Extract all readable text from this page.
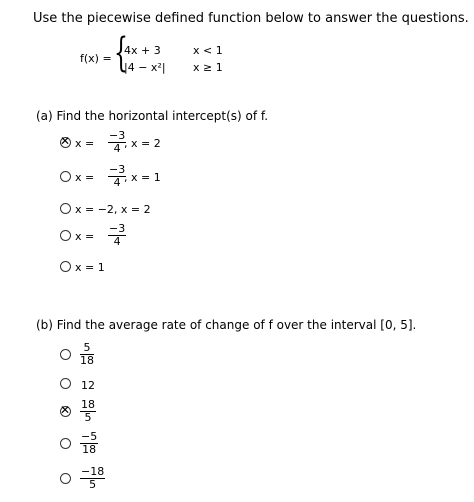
Use the piecewise defined function below to answer the questions.
f(x) = {
4x + 3	x < 1
|4 − x²| x ≥ 1
(a) Find the horizontal intercept(s) of f.
✕
$x = \frac{-3}{4}$
, x = 2
$x = \frac{-3}{4}$
, x = 1
x = −2, x = 2
$x = \frac{-3}{4}$
x = 1
(b) Find the average rate of change of f over the interval [0, 5].
$\frac{5}{18}$
12
✕
$\frac{18}{5}$
$\frac{-5}{18}$
$\frac{-18}{5}$
